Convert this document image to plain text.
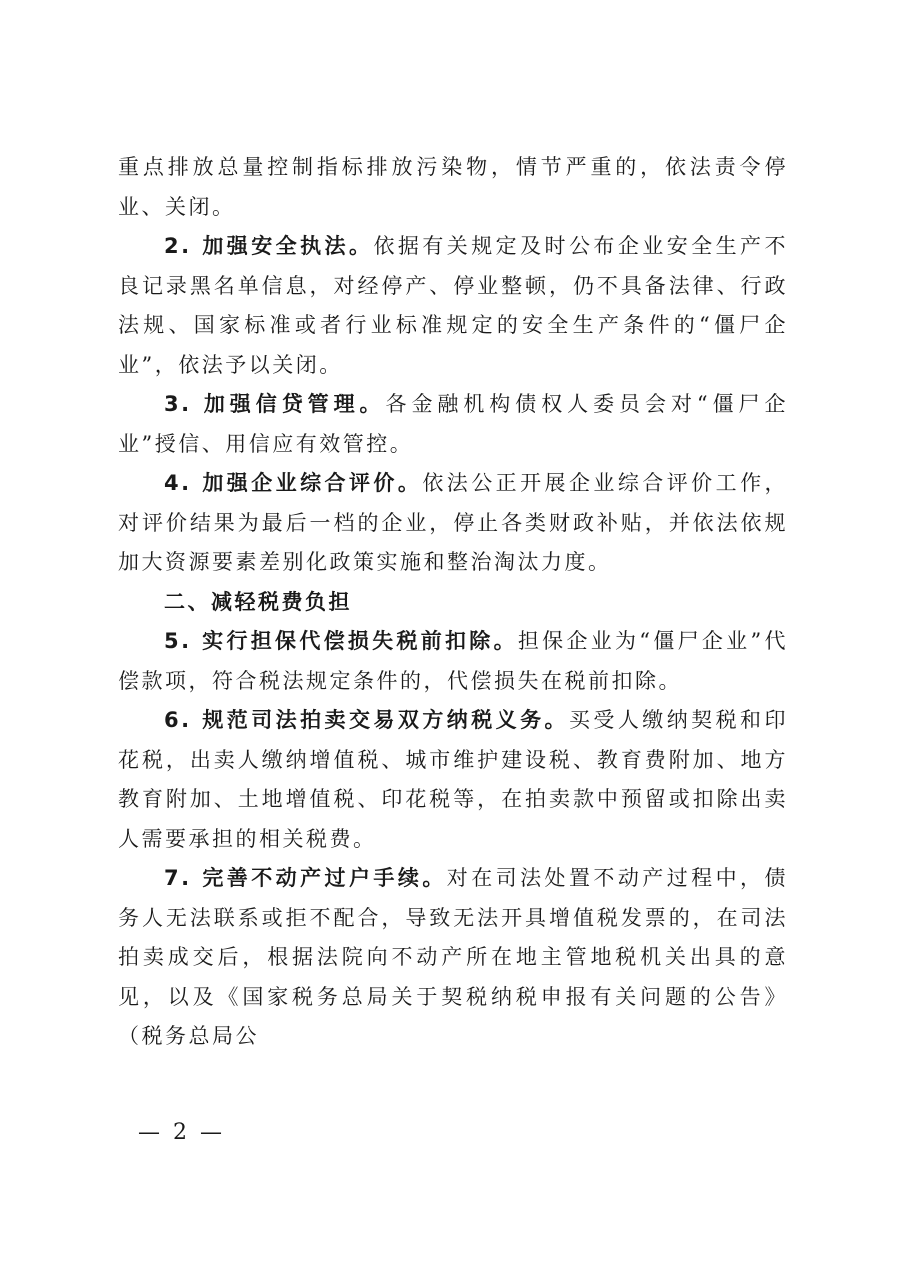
重点排放总量控制指标排放污染物，情节严重的，依法责令停业、关闭。

2. 加强安全执法。依据有关规定及时公布企业安全生产不良记录黑名单信息，对经停产、停业整顿，仍不具备法律、行政法规、国家标准或者行业标准规定的安全生产条件的“僵尸企业”，依法予以关闭。

3. 加强信贷管理。各金融机构债权人委员会对“僵尸企业”授信、用信应有效管控。

4. 加强企业综合评价。依法公正开展企业综合评价工作，对评价结果为最后一档的企业，停止各类财政补贴，并依法依规加大资源要素差别化政策实施和整治淘汰力度。

二、减轻税费负担

5. 实行担保代偿损失税前扣除。担保企业为“僵尸企业”代偿款项，符合税法规定条件的，代偿损失在税前扣除。

6. 规范司法拍卖交易双方纳税义务。买受人缴纳契税和印花税，出卖人缴纳增值税、城市维护建设税、教育费附加、地方教育附加、土地增值税、印花税等，在拍卖款中预留或扣除出卖人需要承担的相关税费。

7. 完善不动产过户手续。对在司法处置不动产过程中，债务人无法联系或拒不配合，导致无法开具增值税发票的，在司法拍卖成交后，根据法院向不动产所在地主管地税机关出具的意见，以及《国家税务总局关于契税纳税申报有关问题的公告》（税务总局公

— 2 —
